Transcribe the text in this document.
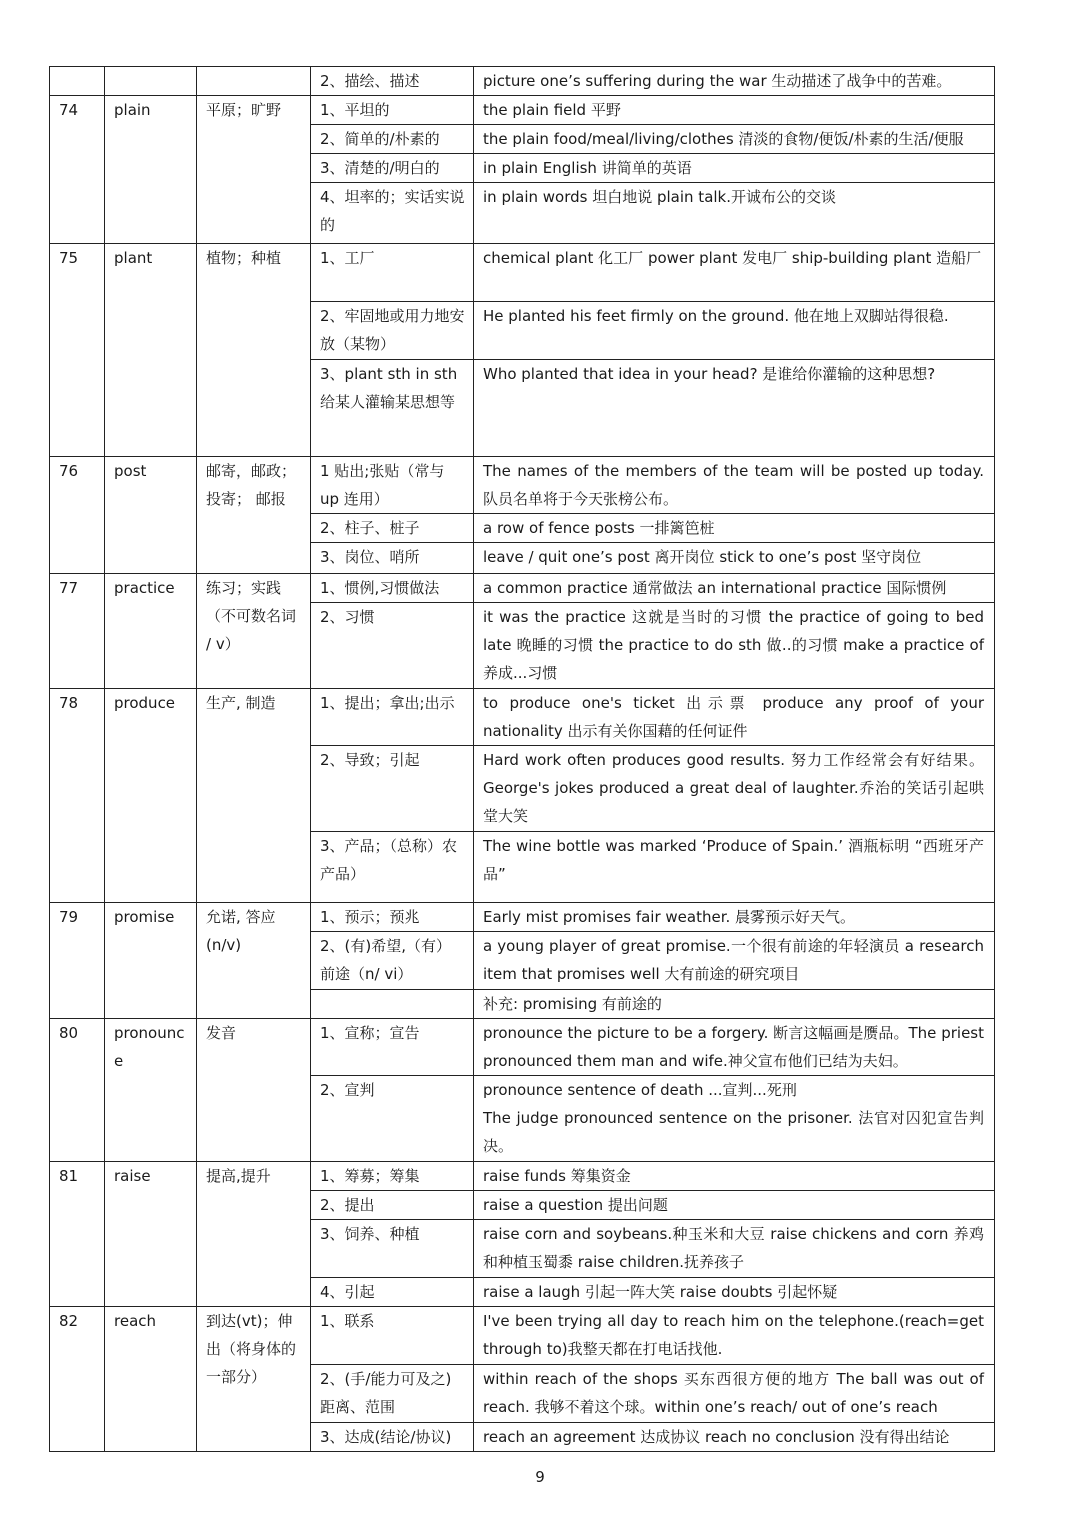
			2、描绘、描述	picture one’s suffering during the war 生动描述了战争中的苦难。
74	plain	平原；旷野	1、平坦的	the plain field 平野
			2、简单的/朴素的	the plain food/meal/living/clothes 清淡的食物/便饭/朴素的生活/便服
			3、清楚的/明白的	in plain English 讲简单的英语
			4、坦率的；实话实说的	in plain words 坦白地说 plain talk.开诚布公的交谈
75	plant	植物；种植	1、工厂	chemical plant 化工厂 power plant 发电厂 ship-building plant 造船厂
			2、牢固地或用力地安放（某物）	He planted his feet firmly on the ground. 他在地上双脚站得很稳.
			3、plant sth in sth 给某人灌输某思想等	Who planted that idea in your head? 是谁给你灌输的这种思想?
76	post	邮寄，邮政；投寄； 邮报	1 贴出;张贴（常与 up 连用）	The names of the members of the team will be posted up today. 队员名单将于今天张榜公布。
			2、柱子、桩子	a row of fence posts 一排篱笆桩
			3、岗位、哨所	leave / quit one’s post 离开岗位 stick to one’s post 坚守岗位
77	practice	练习；实践（不可数名词 / v）	1、惯例,习惯做法	a common practice 通常做法 an international practice 国际惯例
			2、习惯	it was the practice 这就是当时的习惯 the practice of going to bed late 晚睡的习惯 the practice to do sth 做..的习惯 make a practice of 养成...习惯
78	produce	生产, 制造	1、提出；拿出;出示	to produce one's ticket 出示票 produce any proof of your nationality 出示有关你国藉的任何证件
			2、导致；引起	Hard work often produces good results. 努力工作经常会有好结果。 George's jokes produced a great deal of laughter.乔治的笑话引起哄堂大笑
			3、产品；（总称）农产品）	The wine bottle was marked ‘Produce of Spain.’ 酒瓶标明 “西班牙产品”
79	promise	允诺, 答应 (n/v)	1、预示；预兆	Early mist promises fair weather. 晨雾预示好天气。
			2、(有)希望,（有）前途（n/ vi）	a young player of great promise.一个很有前途的年轻演员 a research item that promises well 大有前途的研究项目
				补充: promising 有前途的
80	pronounce	发音	1、宣称；宣告	pronounce the picture to be a forgery. 断言这幅画是赝品。The priest pronounced them man and wife.神父宣布他们已结为夫妇。
			2、宣判	pronounce sentence of death ...宣判...死刑
The judge pronounced sentence on the prisoner. 法官对囚犯宣告判决。

81	raise	提高,提升	1、筹募；筹集	raise funds 筹集资金
			2、提出	raise a question 提出问题
			3、饲养、种植	raise corn and soybeans.种玉米和大豆 raise chickens and corn 养鸡和种植玉蜀黍 raise children.抚养孩子
			4、引起	raise a laugh 引起一阵大笑 raise doubts 引起怀疑
82	reach	到达(vt)；伸出（将身体的一部分）	1、联系	I've been trying all day to reach him on the telephone.(reach=get through to)我整天都在打电话找他.
			2、(手/能力可及之)距离、范围	within reach of the shops 买东西很方便的地方 The ball was out of reach. 我够不着这个球。within one’s reach/ out of one’s reach
			3、达成(结论/协议)	reach an agreement 达成协议 reach no conclusion 没有得出结论
9
